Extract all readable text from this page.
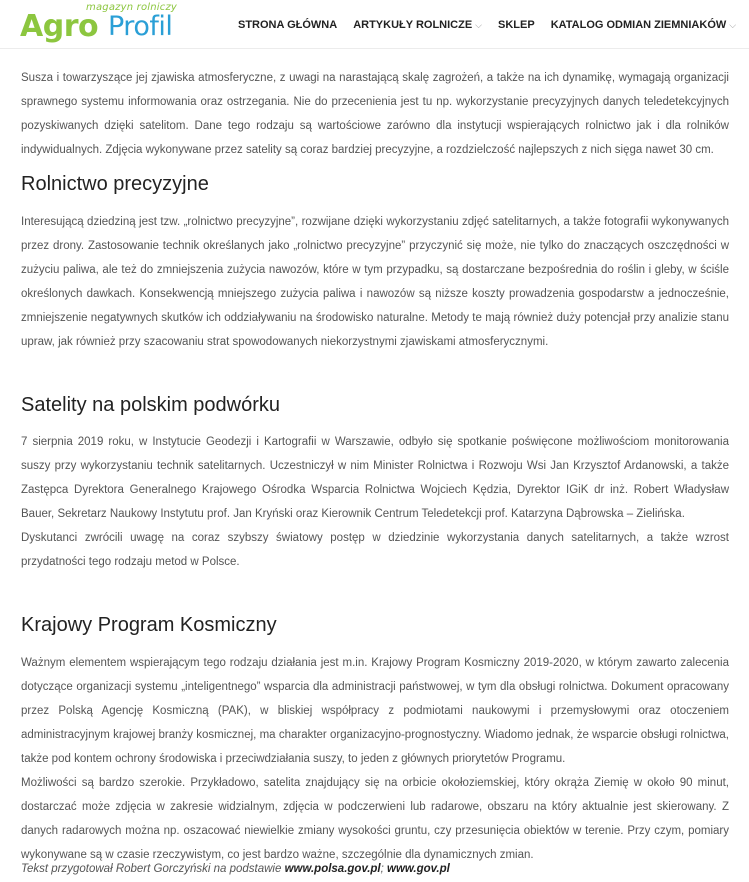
magazyn rolniczy
Agro Profil	STRONA GŁÓWNA ARTYKUŁY ROLNICZE ⌵ SKLEP KATALOG ODMIAN ZIEMNIAKÓW ⌵

Susza i towarzyszące jej zjawiska atmosferyczne, z uwagi na narastającą skalę zagrożeń, a także na ich dynamikę, wymagają organizacji sprawnego systemu informowania oraz ostrzegania. Nie do przecenienia jest tu np. wykorzystanie precyzyjnych danych teledetekcyjnych pozyskiwanych dzięki satelitom. Dane tego rodzaju są wartościowe zarówno dla instytucji wspierających rolnictwo jak i dla rolników indywidualnych. Zdjęcia wykonywane przez satelity są coraz bardziej precyzyjne, a rozdzielczość najlepszych z nich sięga nawet 30 cm.

Rolnictwo precyzyjne

Interesującą dziedziną jest tzw. „rolnictwo precyzyjne”, rozwijane dzięki wykorzystaniu zdjęć satelitarnych, a także fotografii wykonywanych przez drony. Zastosowanie technik określanych jako „rolnictwo precyzyjne” przyczynić się może, nie tylko do znaczących oszczędności w zużyciu paliwa, ale też do zmniejszenia zużycia nawozów, które w tym przypadku, są dostarczane bezpośrednia do roślin i gleby, w ściśle określonych dawkach. Konsekwencją mniejszego zużycia paliwa i nawozów są niższe koszty prowadzenia gospodarstw a jednocześnie, zmniejszenie negatywnych skutków ich oddziaływaniu na środowisko naturalne. Metody te mają również duży potencjał przy analizie stanu upraw, jak również przy szacowaniu strat spowodowanych niekorzystnymi zjawiskami atmosferycznymi.

Satelity na polskim podwórku

7 sierpnia 2019 roku, w Instytucie Geodezji i Kartografii w Warszawie, odbyło się spotkanie poświęcone możliwościom monitorowania suszy przy wykorzystaniu technik satelitarnych. Uczestniczył w nim Minister Rolnictwa i Rozwoju Wsi Jan Krzysztof Ardanowski, a także Zastępca Dyrektora Generalnego Krajowego Ośrodka Wsparcia Rolnictwa Wojciech Kędzia, Dyrektor IGiK dr inż. Robert Władysław Bauer, Sekretarz Naukowy Instytutu prof. Jan Kryński oraz Kierownik Centrum Teledetekcji prof. Katarzyna Dąbrowska – Zielińska.

Dyskutanci zwrócili uwagę na coraz szybszy światowy postęp w dziedzinie wykorzystania danych satelitarnych, a także wzrost przydatności tego rodzaju metod w Polsce.

Krajowy Program Kosmiczny

Ważnym elementem wspierającym tego rodzaju działania jest m.in. Krajowy Program Kosmiczny 2019-2020, w którym zawarto zalecenia dotyczące organizacji systemu „inteligentnego” wsparcia dla administracji państwowej, w tym dla obsługi rolnictwa. Dokument opracowany przez Polską Agencję Kosmiczną (PAK), w bliskiej współpracy z podmiotami naukowymi i przemysłowymi oraz otoczeniem administracyjnym krajowej branży kosmicznej, ma charakter organizacyjno-prognostyczny. Wiadomo jednak, że wsparcie obsługi rolnictwa, także pod kontem ochrony środowiska i przeciwdziałania suszy, to jeden z głównych priorytetów Programu.

Możliwości są bardzo szerokie. Przykładowo, satelita znajdujący się na orbicie okołoziemskiej, który okrąża Ziemię w około 90 minut, dostarczać może zdjęcia w zakresie widzialnym, zdjęcia w podczerwieni lub radarowe, obszaru na który aktualnie jest skierowany. Z danych radarowych można np. oszacować niewielkie zmiany wysokości gruntu, czy przesunięcia obiektów w terenie. Przy czym, pomiary wykonywane są w czasie rzeczywistym, co jest bardzo ważne, szczególnie dla dynamicznych zmian.

Tekst przygotował Robert Gorczyński na podstawie www.polsa.gov.pl; www.gov.pl
